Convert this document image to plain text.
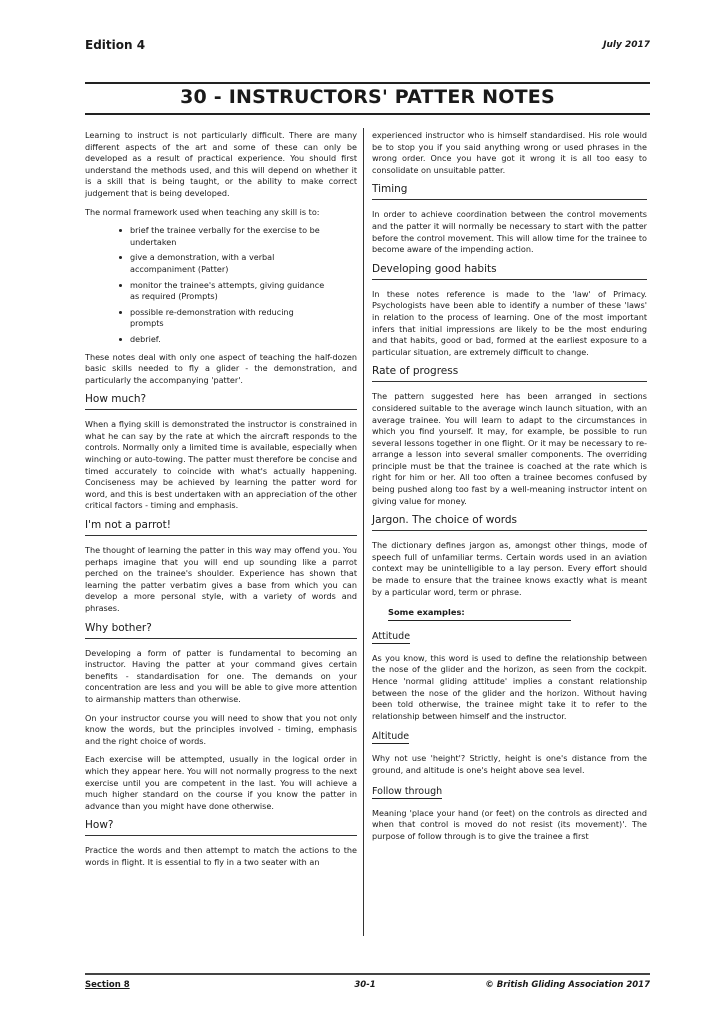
Edition 4	July 2017
30 - INSTRUCTORS' PATTER NOTES

Learning to instruct is not particularly difficult. There are many different aspects of the art and some of these can only be developed as a result of practical experience. You should first understand the methods used, and this will depend on whether it is a skill that is being taught, or the ability to make correct judgement that is being developed.

The normal framework used when teaching any skill is to:

brief the trainee verbally for the exercise to be undertaken
give a demonstration, with a verbal accompaniment (Patter)
monitor the trainee's attempts, giving guidance as required (Prompts)
possible re-demonstration with reducing prompts
debrief.

These notes deal with only one aspect of teaching the half-dozen basic skills needed to fly a glider - the demonstration, and particularly the accompanying 'patter'.

How much?

When a flying skill is demonstrated the instructor is constrained in what he can say by the rate at which the aircraft responds to the controls. Normally only a limited time is available, especially when winching or auto-towing. The patter must therefore be concise and timed accurately to coincide with what's actually happening. Conciseness may be achieved by learning the patter word for word, and this is best undertaken with an appreciation of the other critical factors - timing and emphasis.

I'm not a parrot!

The thought of learning the patter in this way may offend you. You perhaps imagine that you will end up sounding like a parrot perched on the trainee's shoulder. Experience has shown that learning the patter verbatim gives a base from which you can develop a more personal style, with a variety of words and phrases.

Why bother?

Developing a form of patter is fundamental to becoming an instructor. Having the patter at your command gives certain benefits - standardisation for one. The demands on your concentration are less and you will be able to give more attention to airmanship matters than otherwise.

On your instructor course you will need to show that you not only know the words, but the principles involved - timing, emphasis and the right choice of words.

Each exercise will be attempted, usually in the logical order in which they appear here. You will not normally progress to the next exercise until you are competent in the last. You will achieve a much higher standard on the course if you know the patter in advance than you might have done otherwise.

How?

Practice the words and then attempt to match the actions to the words in flight. It is essential to fly in a two seater with an

experienced instructor who is himself standardised. His role would be to stop you if you said anything wrong or used phrases in the wrong order. Once you have got it wrong it is all too easy to consolidate on unsuitable patter.

Timing

In order to achieve coordination between the control movements and the patter it will normally be necessary to start with the patter before the control movement. This will allow time for the trainee to become aware of the impending action.

Developing good habits

In these notes reference is made to the 'law' of Primacy. Psychologists have been able to identify a number of these 'laws' in relation to the process of learning. One of the most important infers that initial impressions are likely to be the most enduring and that habits, good or bad, formed at the earliest exposure to a particular situation, are extremely difficult to change.

Rate of progress

The pattern suggested here has been arranged in sections considered suitable to the average winch launch situation, with an average trainee. You will learn to adapt to the circumstances in which you find yourself. It may, for example, be possible to run several lessons together in one flight. Or it may be necessary to re-arrange a lesson into several smaller components. The overriding principle must be that the trainee is coached at the rate which is right for him or her. All too often a trainee becomes confused by being pushed along too fast by a well-meaning instructor intent on giving value for money.

Jargon. The choice of words

The dictionary defines jargon as, amongst other things, mode of speech full of unfamiliar terms. Certain words used in an aviation context may be unintelligible to a lay person. Every effort should be made to ensure that the trainee knows exactly what is meant by a particular word, term or phrase.

Some examples:
Attitude

As you know, this word is used to define the relationship between the nose of the glider and the horizon, as seen from the cockpit. Hence 'normal gliding attitude' implies a constant relationship between the nose of the glider and the horizon. Without having been told otherwise, the trainee might take it to refer to the relationship between himself and the instructor.

Altitude

Why not use 'height'? Strictly, height is one's distance from the ground, and altitude is one's height above sea level.

Follow through

Meaning 'place your hand (or feet) on the controls as directed and when that control is moved do not resist (its movement)'. The purpose of follow through is to give the trainee a first

Section 8	30-1	© British Gliding Association 2017
